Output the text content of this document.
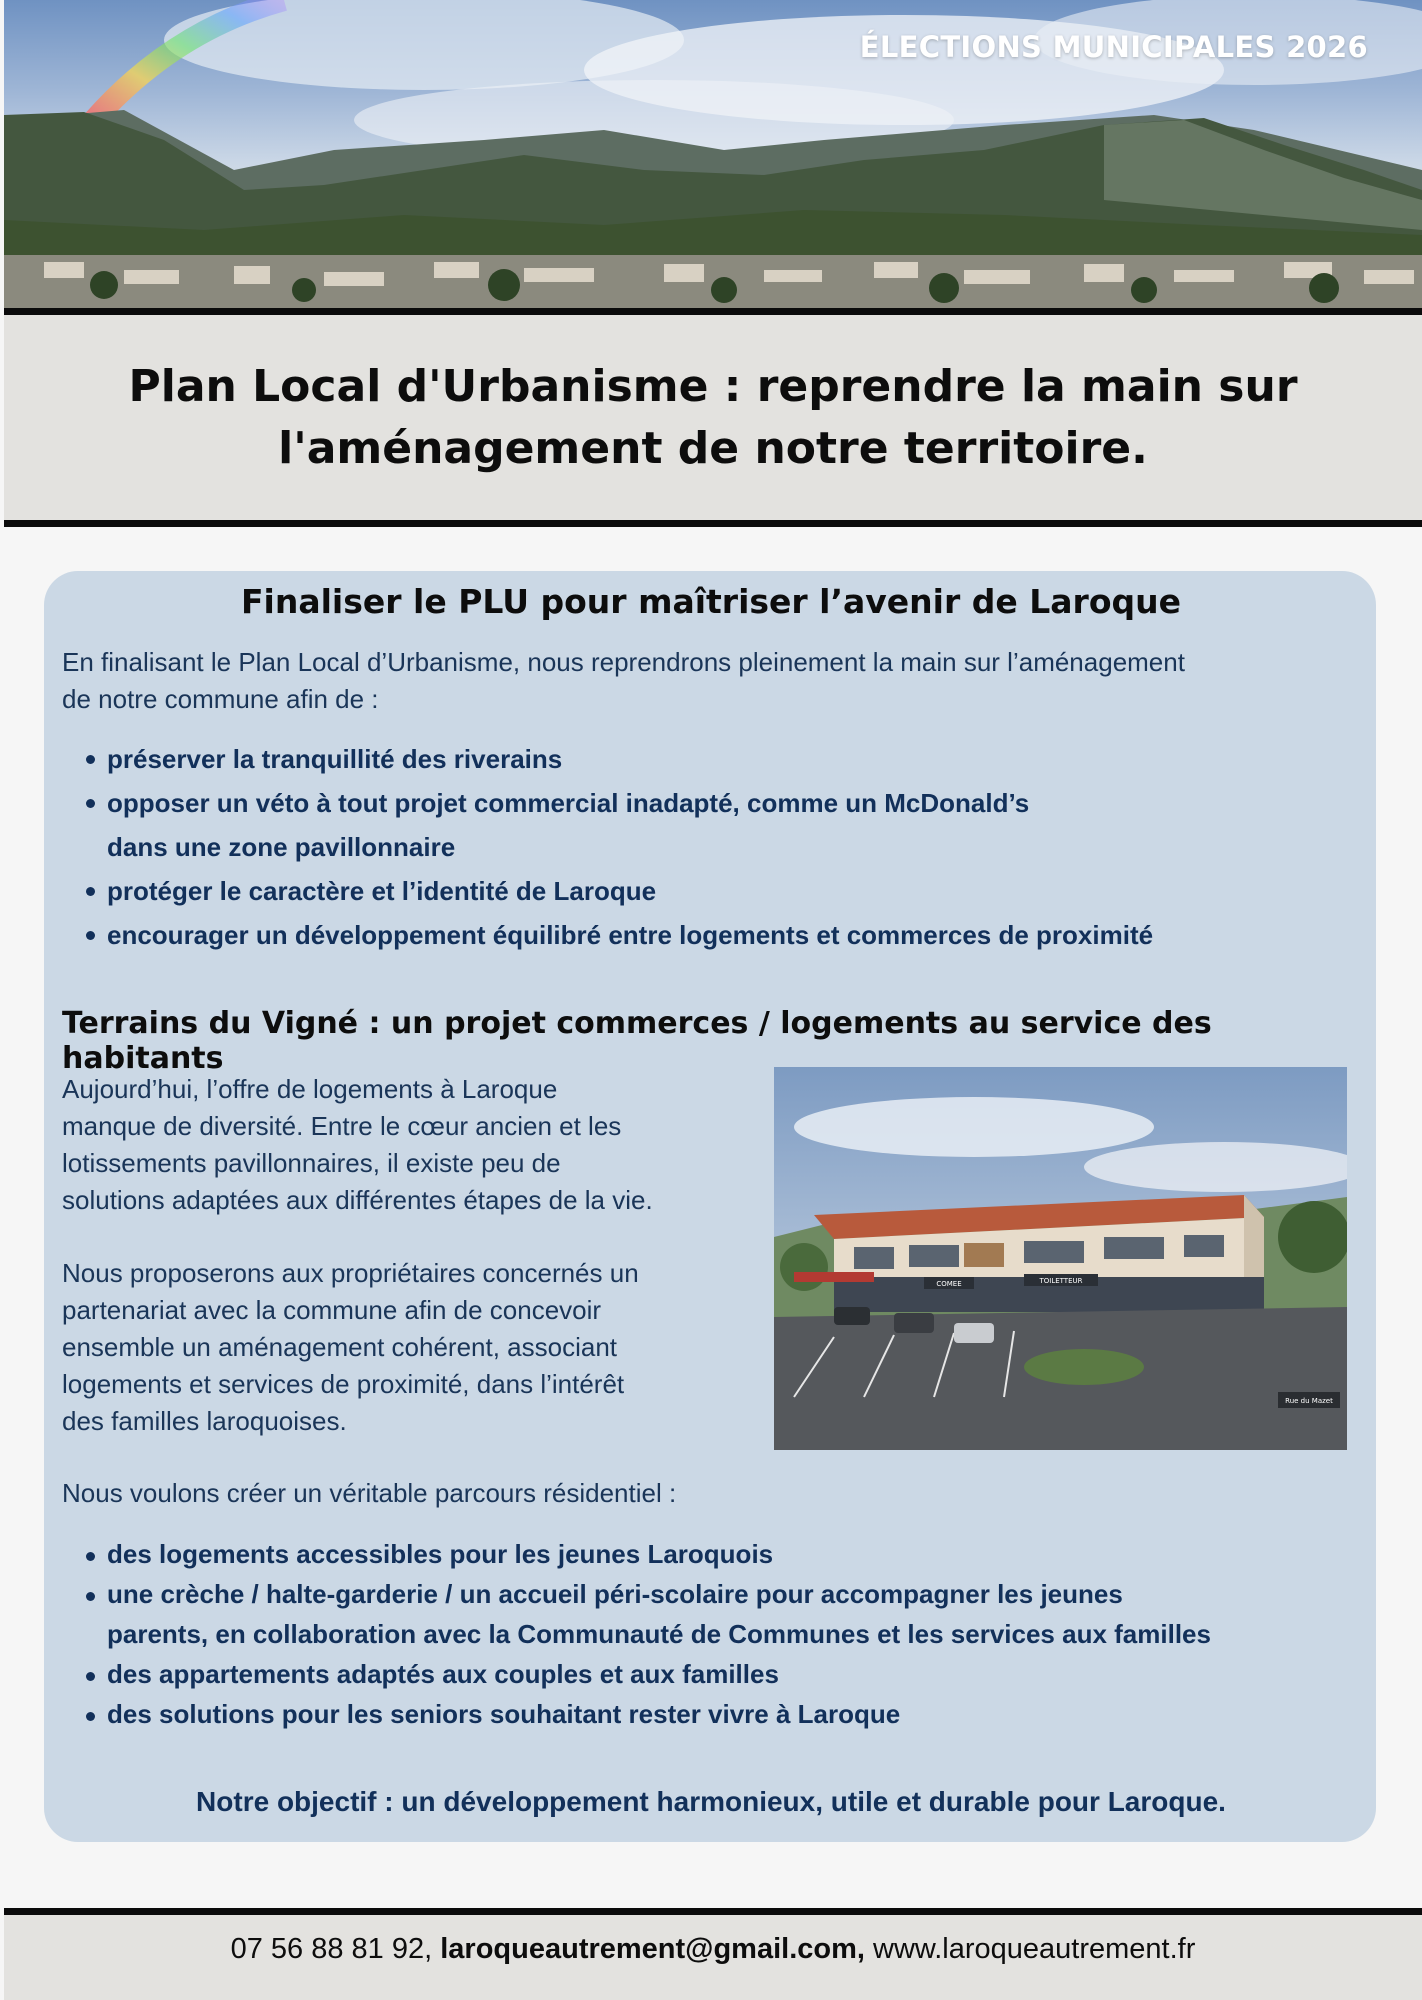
ÉLECTIONS MUNICIPALES 2026
Plan Local d'Urbanisme : reprendre la main sur
l'aménagement de notre territoire.
Finaliser le PLU pour maîtriser l’avenir de Laroque

En finalisant le Plan Local d’Urbanisme, nous reprendrons pleinement la main sur l’aménagement
de notre commune afin de :

préserver la tranquillité des riverains
opposer un véto à tout projet commercial inadapté, comme un McDonald’s
dans une zone pavillonnaire
protéger le caractère et l’identité de Laroque
encourager un développement équilibré entre logements et commerces de proximité
Terrains du Vigné : un projet commerces / logements au service des habitants

Aujourd’hui, l’offre de logements à Laroque
manque de diversité. Entre le cœur ancien et les
lotissements pavillonnaires, il existe peu de
solutions adaptées aux différentes étapes de la vie.

Nous proposerons aux propriétaires concernés un
partenariat avec la commune afin de concevoir
ensemble un aménagement cohérent, associant
logements et services de proximité, dans l’intérêt
des familles laroquoises.

COMEE	TOILETTEUR
Rue du Mazet

Nous voulons créer un véritable parcours résidentiel :

des logements accessibles pour les jeunes Laroquois
une crèche / halte-garderie / un accueil péri-scolaire pour accompagner les jeunes
parents, en collaboration avec la Communauté de Communes et les services aux familles
des appartements adaptés aux couples et aux familles
des solutions pour les seniors souhaitant rester vivre à Laroque

Notre objectif : un développement harmonieux, utile et durable pour Laroque.

07 56 88 81 92, laroqueautrement@gmail.com, www.laroqueautrement.fr
